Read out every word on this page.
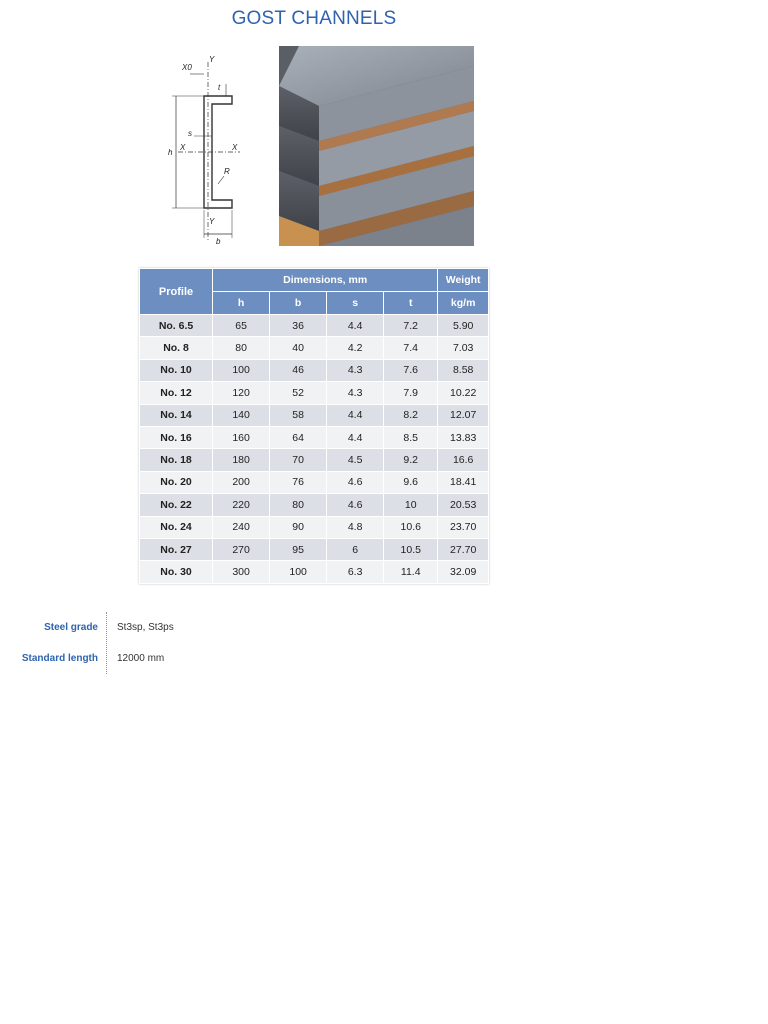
GOST CHANNELS
X0
Y
t
s
X	X
h
R
Y
b
Profile	Dimensions, mm				Weight
	h	b	s	t	kg/m
No. 6.5	65	36	4.4	7.2	5.90
No. 8	80	40	4.2	7.4	7.03
No. 10	100	46	4.3	7.6	8.58
No. 12	120	52	4.3	7.9	10.22
No. 14	140	58	4.4	8.2	12.07
No. 16	160	64	4.4	8.5	13.83
No. 18	180	70	4.5	9.2	16.6
No. 20	200	76	4.6	9.6	18.41
No. 22	220	80	4.6	10	20.53
No. 24	240	90	4.8	10.6	23.70
No. 27	270	95	6	10.5	27.70
No. 30	300	100	6.3	11.4	32.09
Steel grade St3sp, St3ps
Standard length 12000 mm
